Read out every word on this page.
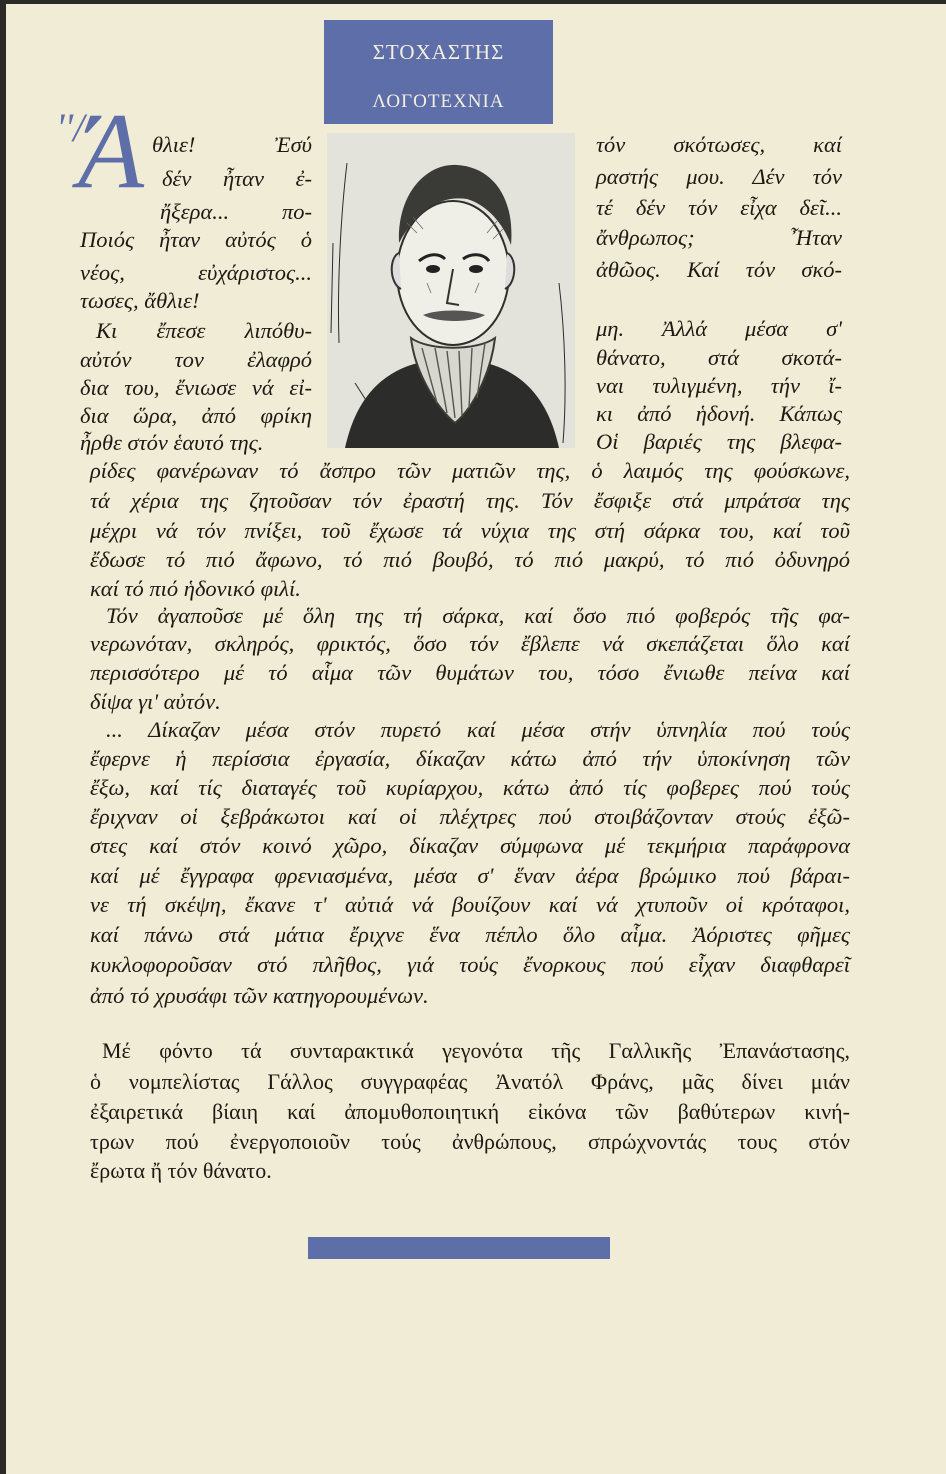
ΣΤΟΧΑΣΤΗΣ
ΛΟΓΟΤΕΧΝΙΑ
''/
Ά θλιε! Ἐσύ
δέν ἦταν ἐ-
ἤξερα... πο-
Ποιός ἦταν αὐτός ὁ
νέος, εὐχάριστος...
τωσες, ἄθλιε!
Κι ἔπεσε λιπόθυ-
αὐτόν τον ἐλαφρό
δια του, ἔνιωσε νά εἰ-
δια ὥρα, ἀπό φρίκη
ἦρθε στόν ἑαυτό της.
τόν σκότωσες, καί
ραστής μου. Δέν τόν
τέ δέν τόν εἶχα δεῖ...
ἄνθρωπος; Ἦταν
ἀθῶος. Καί τόν σκό-
μη. Ἀλλά μέσα σ'
θάνατο, στά σκοτά-
ναι τυλιγμένη, τήν ἴ-
κι ἀπό ἡδονή. Κάπως
Οἱ βαριές της βλεφα-
ρίδες φανέρωναν τό ἄσπρο τῶν ματιῶν της, ὁ λαιμός της φούσκωνε,
τά χέρια της ζητοῦσαν τόν ἐραστή της. Τόν ἔσφιξε στά μπράτσα της
μέχρι νά τόν πνίξει, τοῦ ἔχωσε τά νύχια της στή σάρκα του, καί τοῦ
ἔδωσε τό πιό ἄφωνο, τό πιό βουβό, τό πιό μακρύ, τό πιό ὀδυνηρό
καί τό πιό ἡδονικό φιλί.
Τόν ἀγαποῦσε μέ ὅλη της τή σάρκα, καί ὅσο πιό φοβερός τῆς φα-
νερωνόταν, σκληρός, φρικτός, ὅσο τόν ἔβλεπε νά σκεπάζεται ὅλο καί
περισσότερο μέ τό αἷμα τῶν θυμάτων του, τόσο ἔνιωθε πείνα καί
δίψα γι' αὐτόν.
... Δίκαζαν μέσα στόν πυρετό καί μέσα στήν ὑπνηλία πού τούς
ἔφερνε ἡ περίσσια ἐργασία, δίκαζαν κάτω ἀπό τήν ὑποκίνηση τῶν
ἔξω, καί τίς διαταγές τοῦ κυρίαρχου, κάτω ἀπό τίς φοβερες πού τούς
ἔριχναν οἱ ξεβράκωτοι καί οἱ πλέχτρες πού στοιβάζονταν στούς ἐξῶ-
στες καί στόν κοινό χῶρο, δίκαζαν σύμφωνα μέ τεκμήρια παράφρονα
καί μέ ἔγγραφα φρενιασμένα, μέσα σ' ἕναν ἀέρα βρώμικο πού βάραι-
νε τή σκέψη, ἔκανε τ' αὐτιά νά βουίζουν καί νά χτυποῦν οἱ κρόταφοι,
καί πάνω στά μάτια ἔριχνε ἕνα πέπλο ὅλο αἷμα. Ἀόριστες φῆμες
κυκλοφοροῦσαν στό πλῆθος, γιά τούς ἔνορκους πού εἶχαν διαφθαρεῖ
ἀπό τό χρυσάφι τῶν κατηγορουμένων.
Μέ φόντο τά συνταρακτικά γεγονότα τῆς Γαλλικῆς Ἐπανάστασης,
ὁ νομπελίστας Γάλλος συγγραφέας Ἀνατόλ Φράνς, μᾶς δίνει μιάν
ἐξαιρετικά βίαιη καί ἀπομυθοποιητική εἰκόνα τῶν βαθύτερων κινή-
τρων πού ἐνεργοποιοῦν τούς ἀνθρώπους, σπρώχνοντάς τους στόν
ἔρωτα ἤ τόν θάνατο.
